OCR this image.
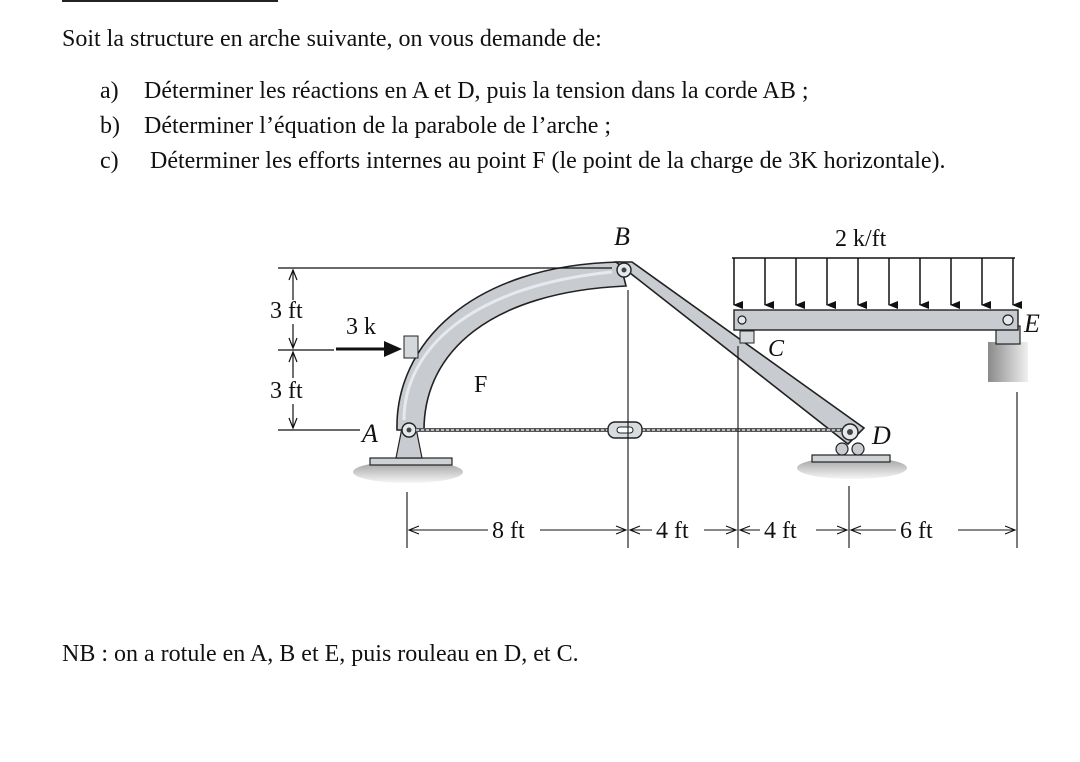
Soit la structure en arche suivante, on vous demande de:
a) Déterminer les réactions en A et D, puis la tension dans la corde AB ;
b) Déterminer l’équation de la parabole de l’arche ;
c) Déterminer les efforts internes au point F (le point de la charge de 3K horizontale).
B	2 k/ft
E
C
D
A
F
3 k
3 ft
3 ft
8 ft	4 ft	4 ft	6 ft
NB : on a rotule en A, B et E, puis rouleau en D, et C.
